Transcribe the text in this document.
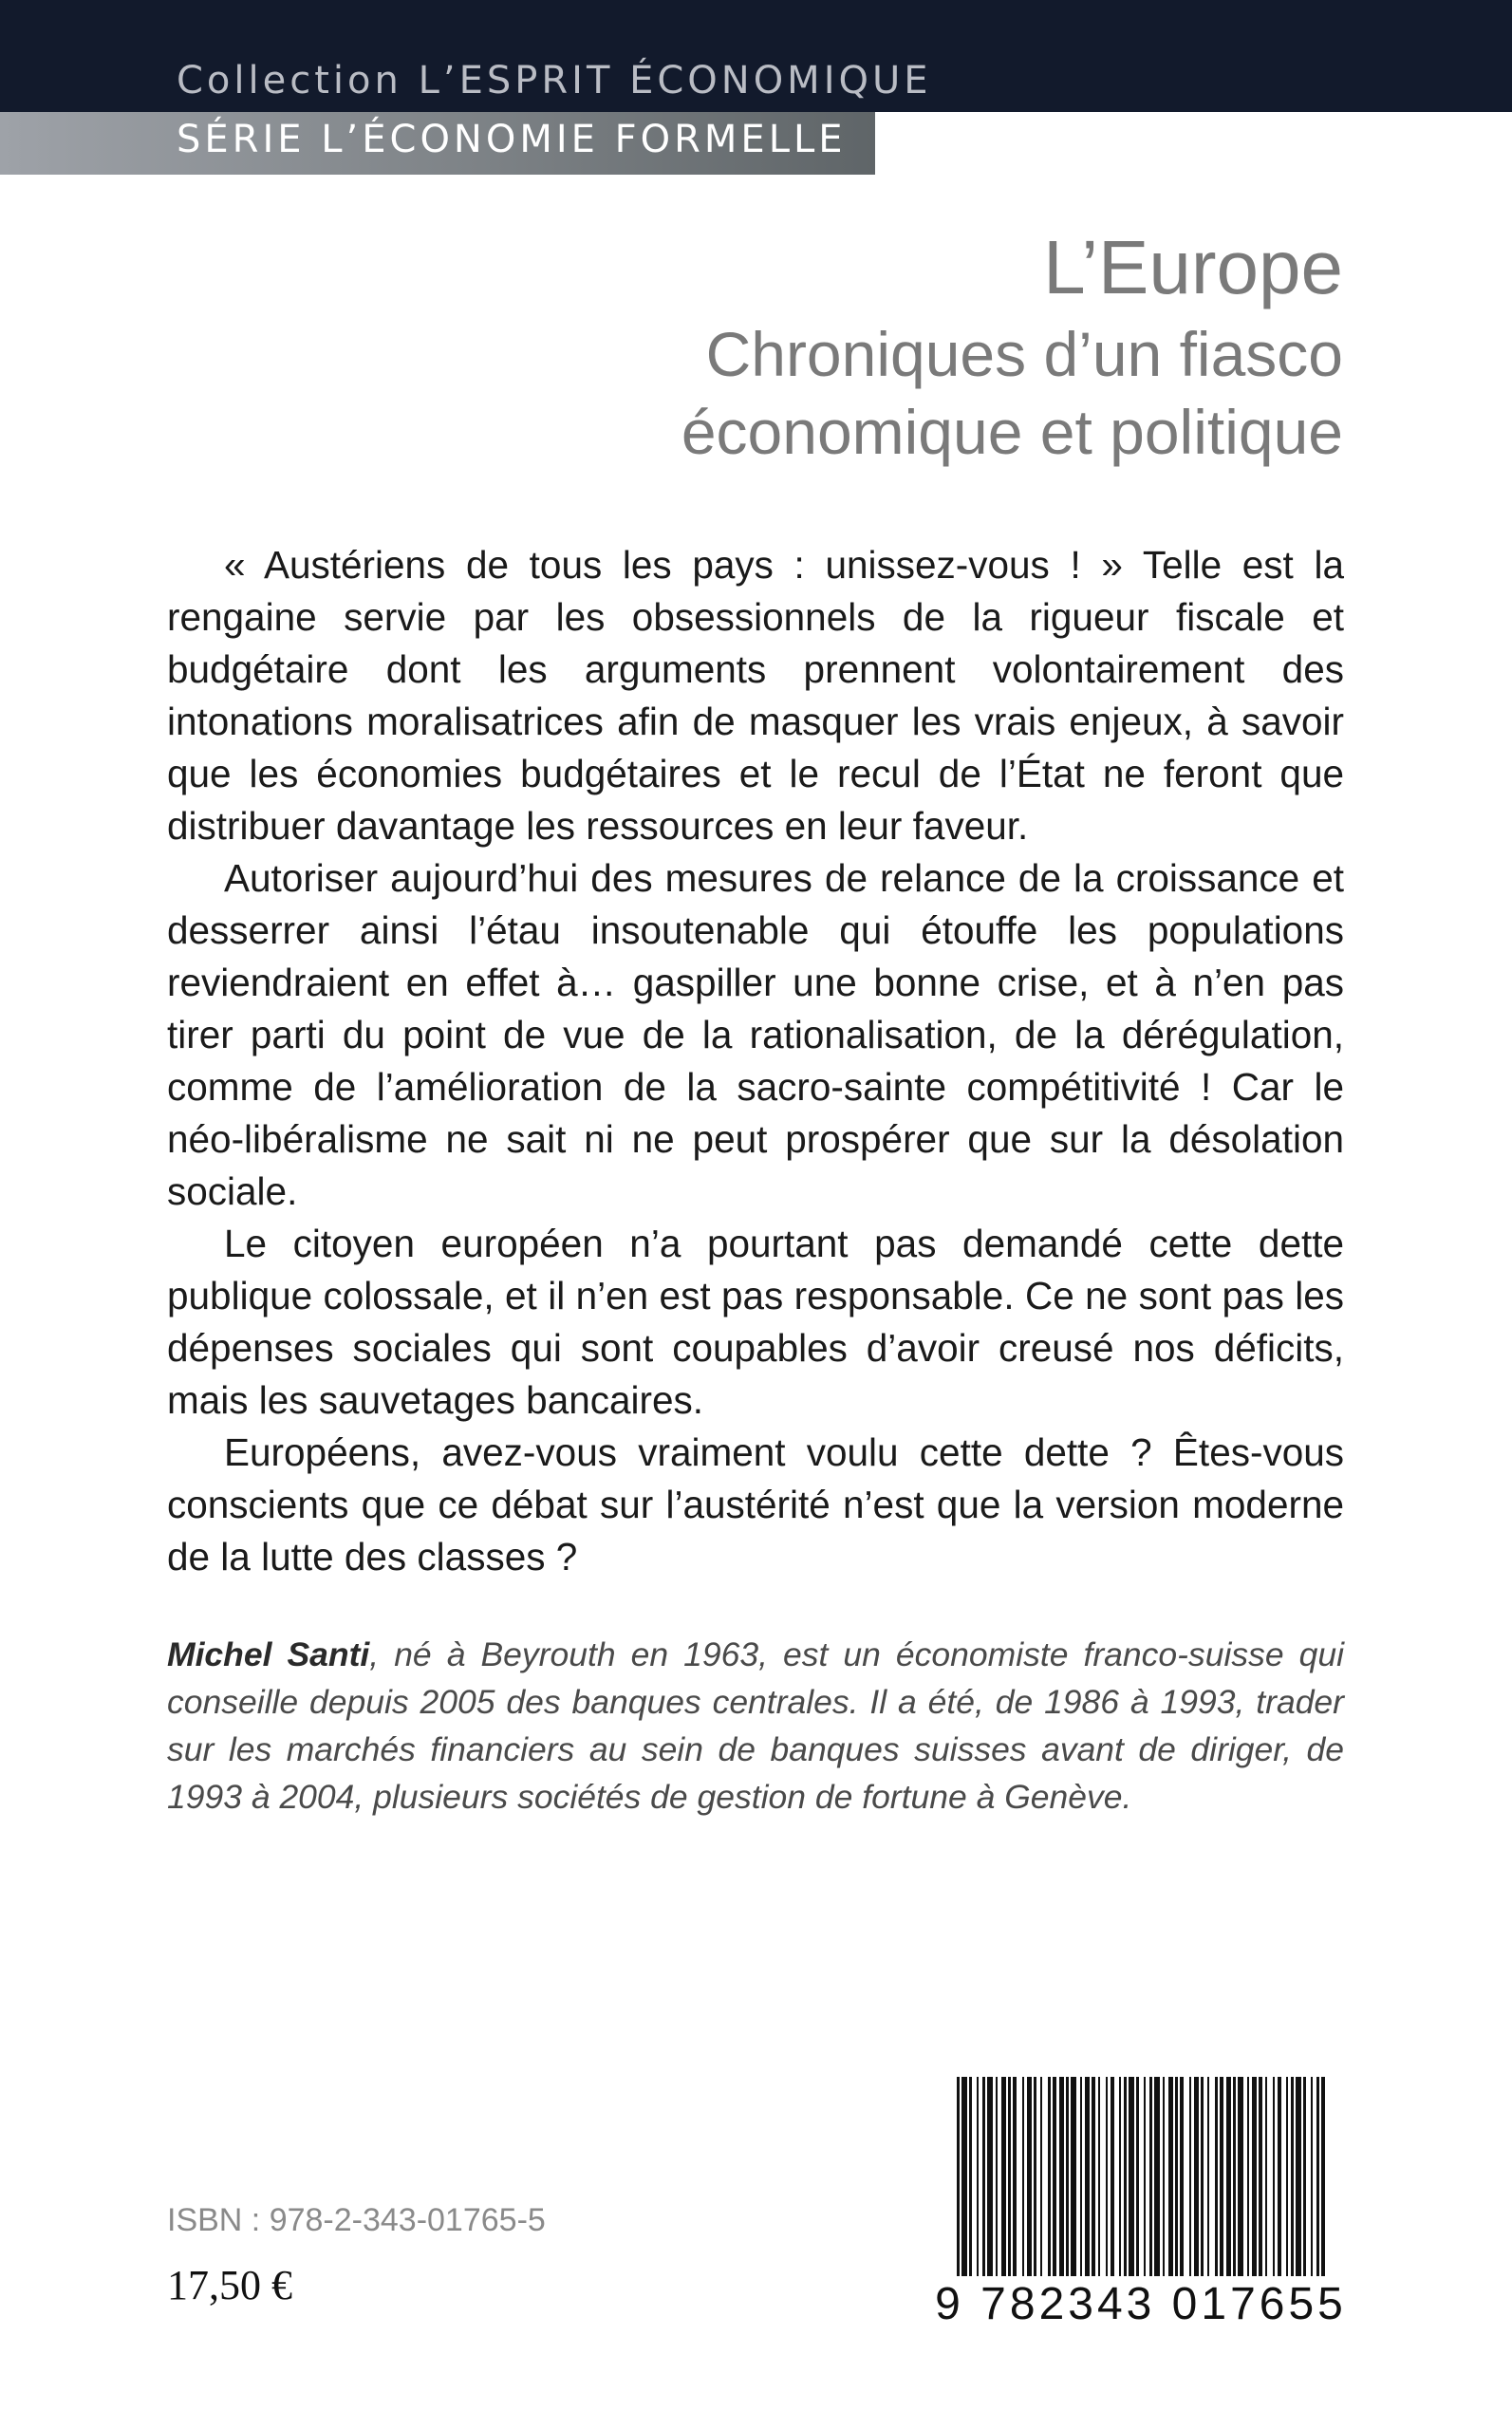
Collection L’ESPRIT ÉCONOMIQUE
SÉRIE L’ÉCONOMIE FORMELLE
L’Europe
Chroniques d’un fiasco
économique et politique

« Austériens de tous les pays : unissez-vous ! » Telle est la rengaine servie par les obsessionnels de la rigueur fiscale et budgétaire dont les arguments prennent volontairement des intonations moralisatrices afin de masquer les vrais enjeux, à savoir que les économies budgétaires et le recul de l’État ne feront que distribuer davantage les ressources en leur faveur.

Autoriser aujourd’hui des mesures de relance de la croissance et desserrer ainsi l’étau insoutenable qui étouffe les populations reviendraient en effet à… gaspiller une bonne crise, et à n’en pas tirer parti du point de vue de la rationalisation, de la dérégulation, comme de l’amélioration de la sacro-sainte compétitivité ! Car le néo-libéralisme ne sait ni ne peut prospérer que sur la désolation sociale.

Le citoyen européen n’a pourtant pas demandé cette dette publique colossale, et il n’en est pas responsable. Ce ne sont pas les dépenses sociales qui sont coupables d’avoir creusé nos déficits, mais les sauvetages bancaires.

Européens, avez-vous vraiment voulu cette dette ? Êtes-vous conscients que ce débat sur l’austérité n’est que la version moderne de la lutte des classes ?

Michel Santi, né à Beyrouth en 1963, est un économiste franco-suisse qui conseille depuis 2005 des banques centrales. Il a été, de 1986 à 1993, trader sur les marchés financiers au sein de banques suisses avant de diriger, de 1993 à 2004, plusieurs sociétés de gestion de fortune à Genève.
ISBN : 978-2-343-01765-5
17,50 €	9 782343 017655
